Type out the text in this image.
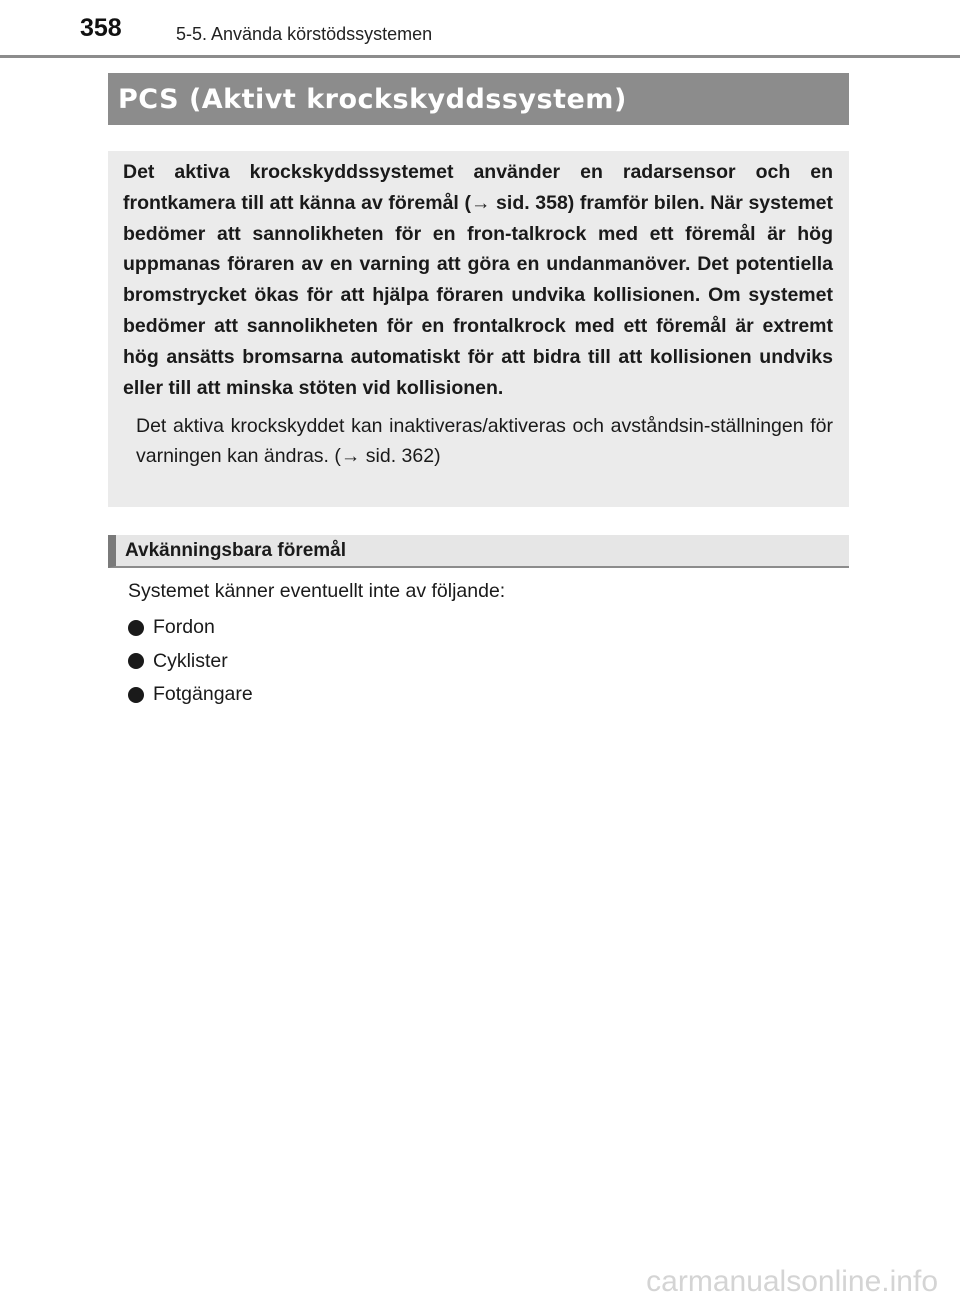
358	5-5. Använda körstödssystemen
PCS (Aktivt krockskyddssystem)

Det aktiva krockskyddssystemet använder en radarsensor och en frontkamera till att känna av föremål (→ sid. 358) framför bilen. När systemet bedömer att sannolikheten för en fron-talkrock med ett föremål är hög uppmanas föraren av en varning att göra en undanmanöver. Det potentiella bromstrycket ökas för att hjälpa föraren undvika kollisionen. Om systemet bedömer att sannolikheten för en frontalkrock med ett föremål är extremt hög ansätts bromsarna automatiskt för att bidra till att kollisionen undviks eller till att minska stöten vid kollisionen.

Det aktiva krockskyddet kan inaktiveras/aktiveras och avståndsin-ställningen för varningen kan ändras. (→ sid. 362)

Avkänningsbara föremål
Systemet känner eventuellt inte av följande:
Fordon
Cyklister
Fotgängare
carmanualsonline.info
